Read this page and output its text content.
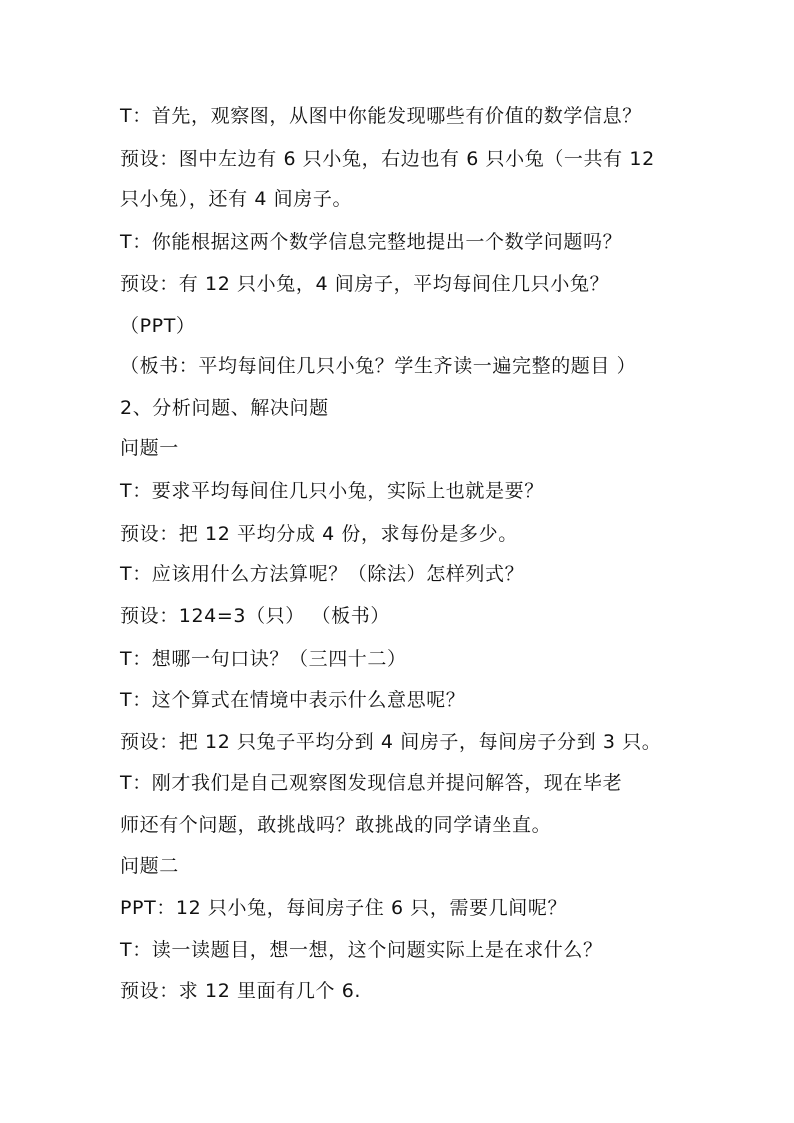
T：首先，观察图，从图中你能发现哪些有价值的数学信息？
预设：图中左边有 6 只小兔，右边也有 6 只小兔（一共有 12
只小兔），还有 4 间房子。
T：你能根据这两个数学信息完整地提出一个数学问题吗？
预设：有 12 只小兔，4 间房子，平均每间住几只小兔？
（PPT）
（板书：平均每间住几只小兔？学生齐读一遍完整的题目 ）
2、分析问题、解决问题
问题一
T：要求平均每间住几只小兔，实际上也就是要？
预设：把 12 平均分成 4 份，求每份是多少。
T：应该用什么方法算呢？（除法）怎样列式？
预设：124=3（只） （板书）
T：想哪一句口诀？（三四十二）
T：这个算式在情境中表示什么意思呢？
预设：把 12 只兔子平均分到 4 间房子，每间房子分到 3 只。
T：刚才我们是自己观察图发现信息并提问解答，现在毕老
师还有个问题，敢挑战吗？敢挑战的同学请坐直。
问题二
PPT：12 只小兔，每间房子住 6 只，需要几间呢？
T：读一读题目，想一想，这个问题实际上是在求什么？
预设：求 12 里面有几个 6.
